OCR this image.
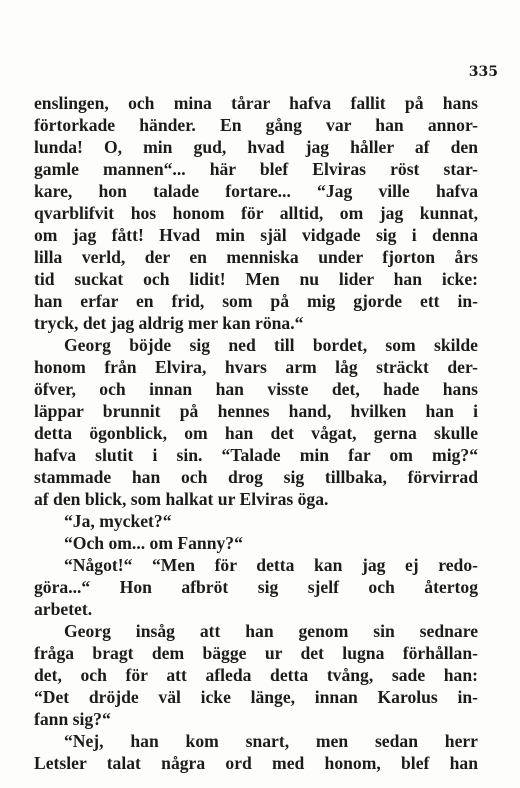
335
enslingen, och mina tårar hafva fallit på hans
förtorkade händer. En gång var han annor-
lunda! O, min gud, hvad jag håller af den
gamle mannen“... här blef Elviras röst star-
kare, hon talade fortare... “Jag ville hafva
qvarblifvit hos honom för alltid, om jag kunnat,
om jag fått! Hvad min själ vidgade sig i denna
lilla verld, der en menniska under fjorton års
tid suckat och lidit! Men nu lider han icke:
han erfar en frid, som på mig gjorde ett in-
tryck, det jag aldrig mer kan röna.“
Georg böjde sig ned till bordet, som skilde
honom från Elvira, hvars arm låg sträckt der-
öfver, och innan han visste det, hade hans
läppar brunnit på hennes hand, hvilken han i
detta ögonblick, om han det vågat, gerna skulle
hafva slutit i sin. “Talade min far om mig?“
stammade han och drog sig tillbaka, förvirrad
af den blick, som halkat ur Elviras öga.
“Ja, mycket?“
“Och om... om Fanny?“
“Något!“ “Men för detta kan jag ej redo-
göra...“ Hon afbröt sig sjelf och återtog
arbetet.
Georg insåg att han genom sin sednare
fråga bragt dem bägge ur det lugna förhållan-
det, och för att afleda detta tvång, sade han:
“Det dröjde väl icke länge, innan Karolus in-
fann sig?“
“Nej, han kom snart, men sedan herr
Letsler talat några ord med honom, blef han
